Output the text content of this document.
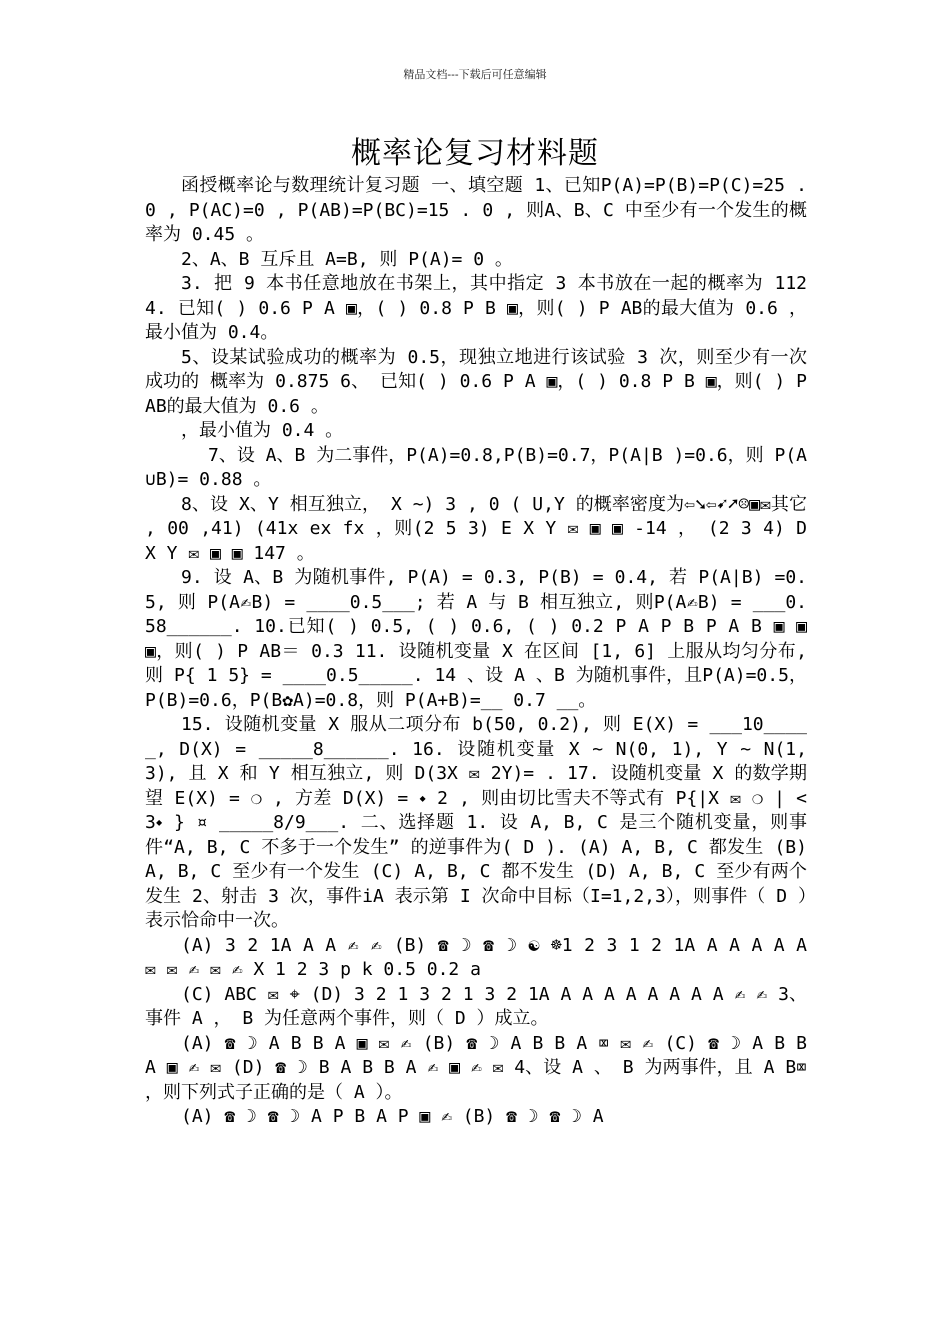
精品文档---下载后可任意编辑
概率论复习材料题

函授概率论与数理统计复习题 一、填空题 1、已知P(A)=P(B)=P(C)=25 . 0 , P(AC)=0 , P(AB)=P(BC)=15 . 0 , 则A、B、C 中至少有一个发生的概率为 0.45 。

2、A、B 互斥且 A=B, 则 P(A)= 0 。

3. 把 9 本书任意地放在书架上，其中指定 3 本书放在一起的概率为 112 4. 已知( ) 0.6 P A ▣，( ) 0.8 P B ▣，则( ) P AB的最大值为 0.6 ，最小值为 0.4。

5、设某试验成功的概率为 0.5，现独立地进行该试验 3 次，则至少有一次成功的 概率为 0.875 6、 已知( ) 0.6 P A ▣，( ) 0.8 P B ▣，则( ) P AB的最大值为 0.6 。

，最小值为 0.4 。

7、设 A、B 为二事件，P(A)=0.8,P(B)=0.7，P(A|B )=0.6，则 P(A∪B)= 0.88 。

8、设 X、Y 相互独立， X ~) 3 , 0 ( U,Y 的概率密度为⇦➘⇦➹➚☹▣✉其它 , 00 ,41) (41x ex fx ，则(2 5 3) E X Y ✉ ▣ ▣ -14 ， (2 3 4) D X Y ✉ ▣ ▣ 147 。

9. 设 A、B 为随机事件, P(A) = 0.3, P(B) = 0.4, 若 P(A|B) =0.5, 则 P(A✍B) = ____0.5___; 若 A 与 B 相互独立, 则P(A✍B) = ___0.58______. 10.已知( ) 0.5, ( ) 0.6, ( ) 0.2 P A P B P A B ▣ ▣ ▣，则( ) P AB＝ 0.3 11. 设随机变量 X 在区间 [1, 6] 上服从均匀分布, 则 P{ 1 5} = ____0.5_____. 14 、设 A 、B 为随机事件，且P(A)=0.5，P(B)=0.6，P(B✿A)=0.8，则 P(A+B)=__ 0.7 __。

15. 设随机变量 X 服从二项分布 b(50, 0.2), 则 E(X) = ___10_____, D(X) = _____8______. 16. 设随机变量 X ~ N(0, 1), Y ~ N(1, 3), 且 X 和 Y 相互独立, 则 D(3X ✉ 2Y)= . 17. 设随机变量 X 的数学期望 E(X) = ❍ , 方差 D(X) = ⬩ 2 , 则由切比雪夫不等式有 P{|X ✉ ❍ | < 3⬩ } ¤ _____8/9___. 二、选择题 1. 设 A, B, C 是三个随机变量，则事件“A, B, C 不多于一个发生” 的逆事件为( D ). (A) A, B, C 都发生 (B) A, B, C 至少有一个发生 (C) A, B, C 都不发生 (D) A, B, C 至少有两个发生 2、射击 3 次，事件iA 表示第 I 次命中目标（I=1,2,3），则事件（ D ）表示恰命中一次。

(A) 3 2 1A A A ✍ ✍ (B) ☎ ☽ ☎ ☽ ☯ ☸1 2 3 1 2 1A A A A A A ✉ ✉ ✍ ✉ ✍ X 1 2 3 p k 0.5 0.2 a

(C) ABC ✉ ⌖ (D) 3 2 1 3 2 1 3 2 1A A A A A A A A A ✍ ✍ 3、事件 A ， B 为任意两个事件，则（ D ）成立。

(A) ☎ ☽ A B B A ▣ ✉ ✍ (B) ☎ ☽ A B B A ⌧ ✉ ✍ (C) ☎ ☽ A B B A ▣ ✍ ✉ (D) ☎ ☽ B A B B A ✍ ▣ ✍ ✉ 4、设 A 、 B 为两事件，且 A B⌧ ，则下列式子正确的是（ A ）。

(A) ☎ ☽ ☎ ☽ A P B A P ▣ ✍ (B) ☎ ☽ ☎ ☽ A
